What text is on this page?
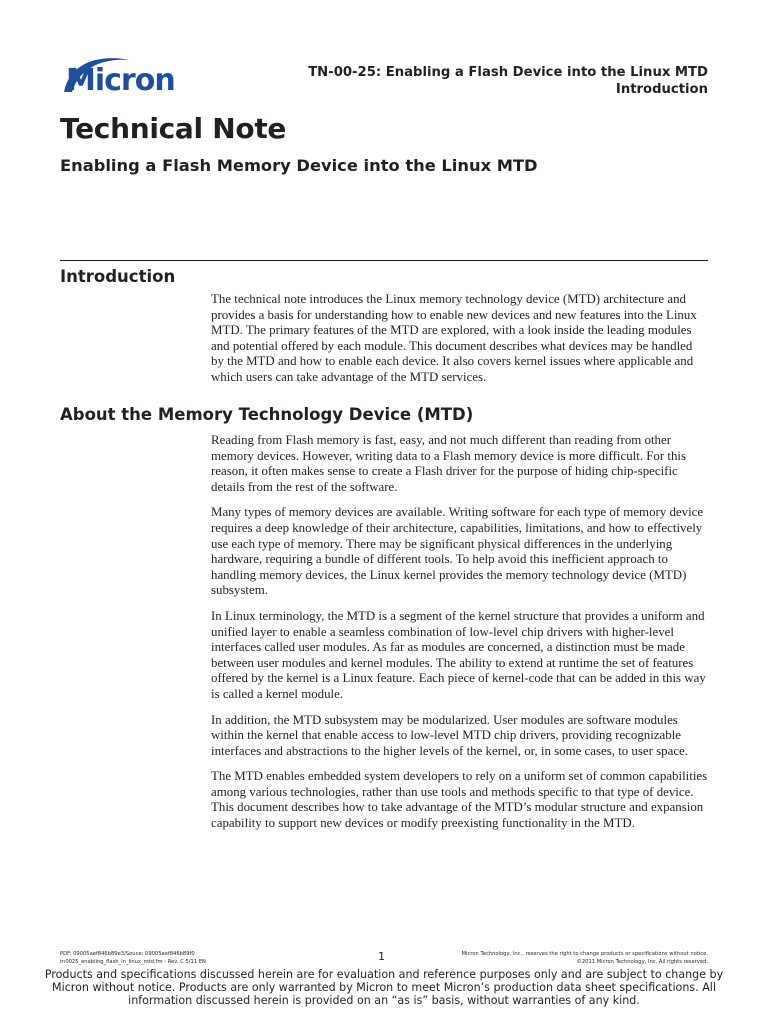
Micron	TN-00-25: Enabling a Flash Device into the Linux MTD
Introduction
Technical Note
Enabling a Flash Memory Device into the Linux MTD
Introduction

The technical note introduces the Linux memory technology device (MTD) architecture and provides a basis for understanding how to enable new devices and new features into the Linux MTD. The primary features of the MTD are explored, with a look inside the leading modules and potential offered by each module. This document describes what devices may be handled by the MTD and how to enable each device. It also covers kernel issues where applicable and which users can take advantage of the MTD services.

About the Memory Technology Device (MTD)

Reading from Flash memory is fast, easy, and not much different than reading from other memory devices. However, writing data to a Flash memory device is more difficult. For this reason, it often makes sense to create a Flash driver for the purpose of hiding chip-specific details from the rest of the software.

Many types of memory devices are available. Writing software for each type of memory device requires a deep knowledge of their architecture, capabilities, limitations, and how to effectively use each type of memory. There may be significant physical differences in the underlying hardware, requiring a bundle of different tools. To help avoid this inefficient approach to handling memory devices, the Linux kernel provides the memory technology device (MTD) subsystem.

In Linux terminology, the MTD is a segment of the kernel structure that provides a uniform and unified layer to enable a seamless combination of low-level chip drivers with higher-level interfaces called user modules. As far as modules are concerned, a distinction must be made between user modules and kernel modules. The ability to extend at runtime the set of features offered by the kernel is a Linux feature. Each piece of kernel-code that can be added in this way is called a kernel module.

In addition, the MTD subsystem may be modularized. User modules are software modules within the kernel that enable access to low-level MTD chip drivers, providing recognizable interfaces and abstractions to the higher levels of the kernel, or, in some cases, to user space.

The MTD enables embedded system developers to rely on a uniform set of common capabilities among various technologies, rather than use tools and methods specific to that type of device. This document describes how to take advantage of the MTD’s modular structure and expansion capability to support new devices or modify preexisting functionality in the MTD.

PDF: 09005aef846b89e3/Souce: 09005aef846b89f0
tn0025_enabling_flash_in_linux_mtd.fm - Rev. C 5/11 EN	1	Micron Technology, Inc., reserves the right to change products or specifications without notice.
©2011 Micron Technology, Inc. All rights reserved.
Products and specifications discussed herein are for evaluation and reference purposes only and are subject to change by Micron without notice. Products are only warranted by Micron to meet Micron’s production data sheet specifications. All information discussed herein is provided on an “as is” basis, without warranties of any kind.
